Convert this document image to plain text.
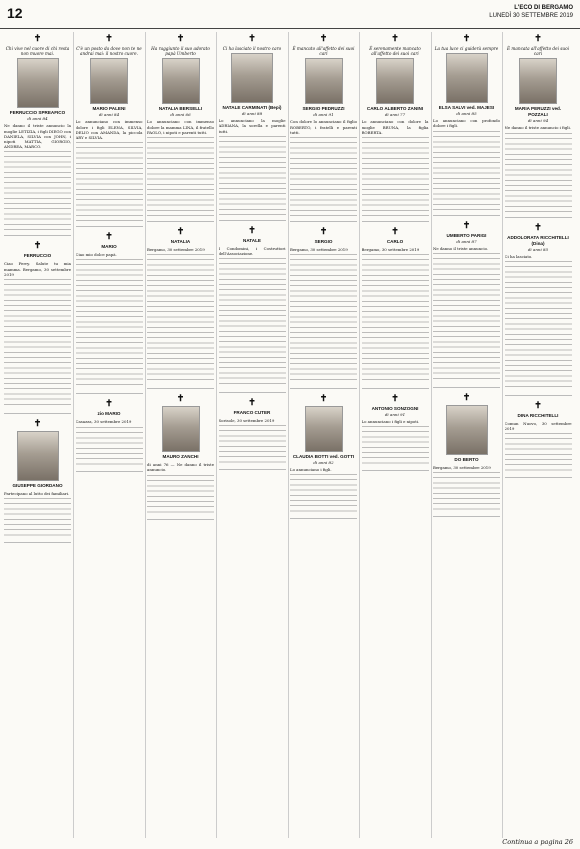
12	L'ECO DI BERGAMO
LUNEDÌ 30 SETTEMBRE 2019
✝
Chi vive nel cuore di chi resta non muore mai.
FERRUCCIO SPREAFICO
di anni 84
Ne danno il triste annuncio la moglie LETIZIA, i figli DIEGO con DANIELA, SILVIA con JOHN, i nipoti MATTIA, GIORGIO, ANDREA, MARCO.
✝
FERRUCCIO
Ciao Ferry. Salute tu mia mamma. Bergamo, 30 settembre 2019
✝
GIUSEPPE GIORDANO
Partecipano al lutto dei familiari.
✝
C'è un posto da dove non te ne andrai mai: il nostro cuore.
MARIO PALENI
di anni 84
Lo annunciano con immenso dolore i figli ELENA, SILVIA, DELIO con AMANDA, la piccola ARY e SILVIA.
✝
MARIO
Ciao mio dolce papà.
✝
zio MARIO
Casazza, 30 settembre 2019
✝
Ha raggiunto il suo adorato papà Umberto
NATALIA BERSELLI
di anni 66
Lo annunciano con immenso dolore la mamma LINA, il fratello PAOLO, i nipoti e parenti tutti.
✝
NATALIA
Bergamo, 30 settembre 2019
✝
MAURO ZANCHI
di anni 76 — Ne danno il triste annuncio.
✝
Ci ha lasciato il nostro caro
NATALE CARMINATI (Bepi)
di anni 88
Lo annunciano la moglie ADRIANA, la sorella e parenti tutti.
✝
NATALE
I Condomini, i Costruttori dell'Associazione.
✝
FRANCO CUTER
Sorisole, 30 settembre 2019
✝
È mancato all'affetto dei suoi cari
SERGIO PEDRUZZI
di anni 91
Con dolore lo annunciano il figlio ROBERTO, i fratelli e parenti tutti.
✝
SERGIO
Bergamo, 30 settembre 2019
✝
CLAUDIA BOTTI ved. GOTTI
di anni 82
Lo annunciano i figli.
✝
È serenamente mancato all'affetto dei suoi cari
CARLO ALBERTO ZANINI
di anni 77
Lo annunciano con dolore la moglie BRUNA, la figlia ROBERTA.
✝
CARLO
Bergamo, 30 settembre 2019
✝
ANTONIO SONZOGNI
di anni 91
Lo annunciano i figli e nipoti.
✝
La tua luce ci guiderà sempre
ELSA SALVI ved. MAJESI
di anni 85
Lo annunciano con profondo dolore i figli.
✝
UMBERTO PARIGI
di anni 87
Ne danno il triste annuncio.
✝
DO BERTO
Bergamo, 30 settembre 2019
✝
È mancata all'affetto dei suoi cari
MARIA PERUZZI ved. POZZALI
di anni 94
Ne danno il triste annuncio i figli.
✝
ADDOLORATA RICCHITELLI (Dina)
di anni 85
Ci ha lasciato.
✝
DINA RICCHITELLI
Comun Nuovo, 30 settembre 2019
Continua a pagina 26
